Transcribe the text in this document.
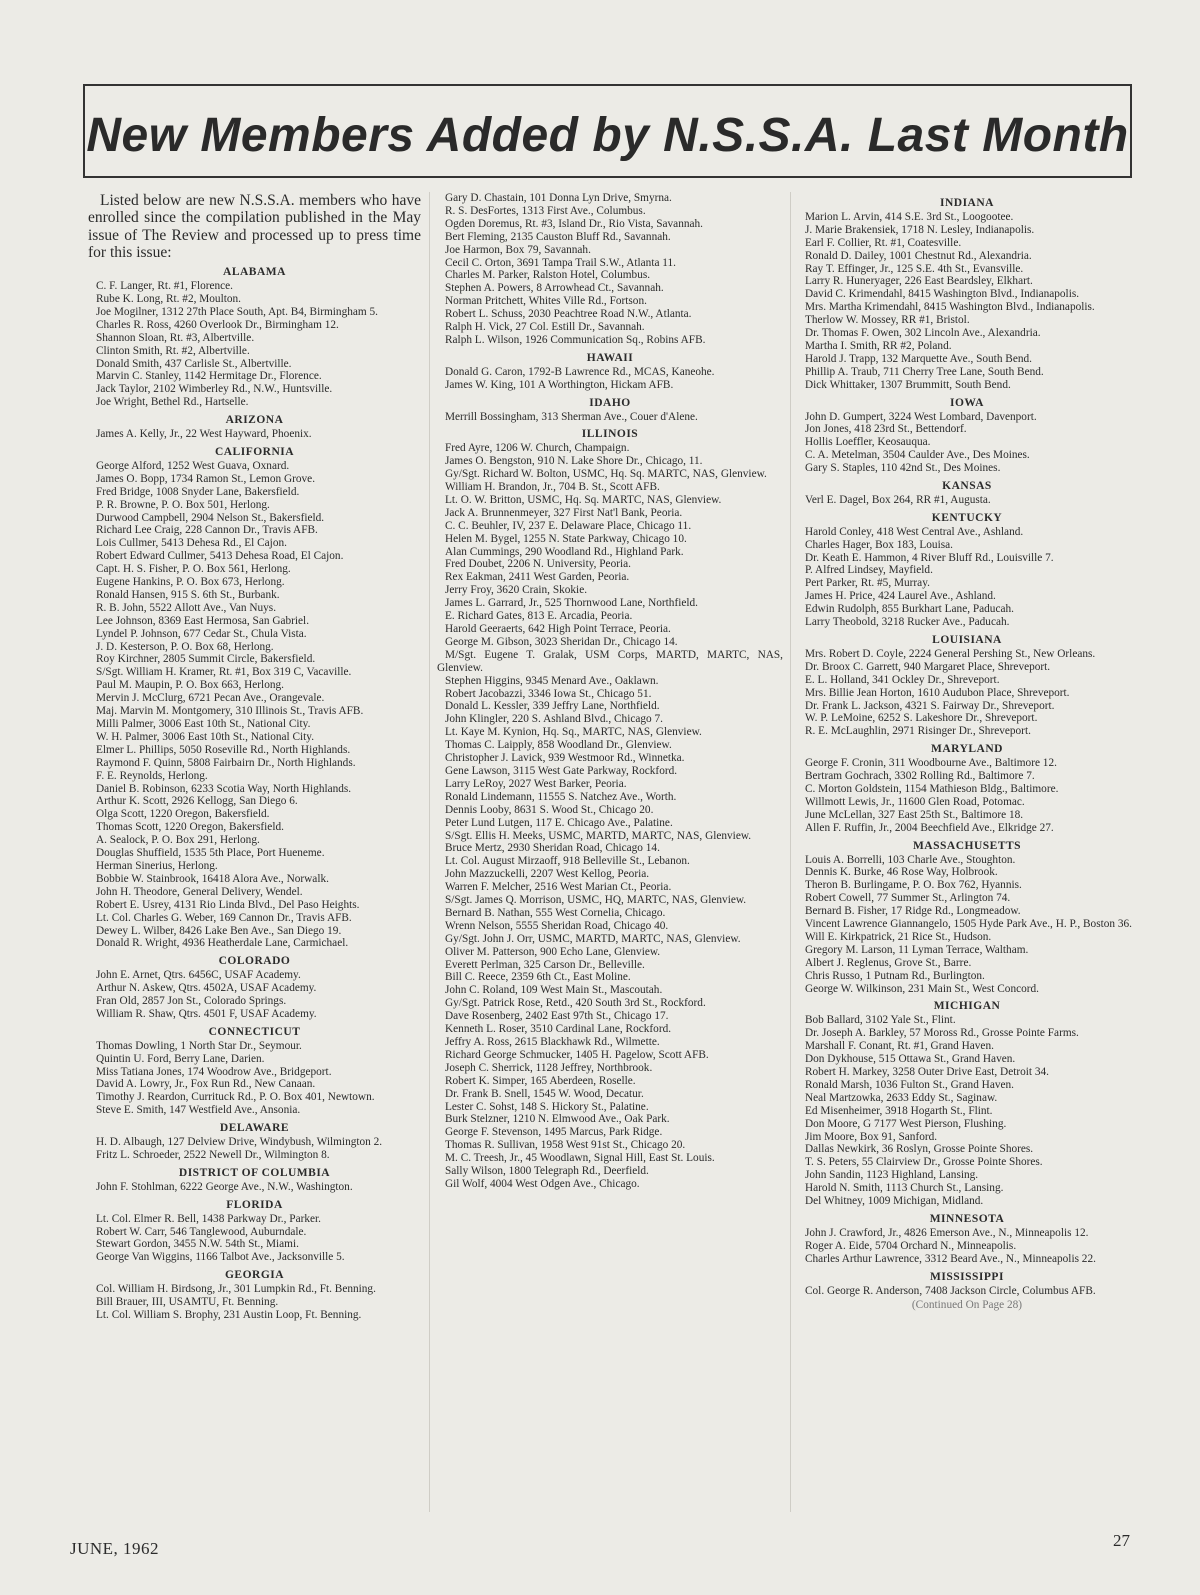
New Members Added by N.S.S.A. Last Month

Listed below are new N.S.S.A. members who have enrolled since the compilation published in the May issue of The Review and processed up to press time for this issue:

ALABAMA

C. F. Langer, Rt. #1, Florence.

Rube K. Long, Rt. #2, Moulton.

Joe Mogilner, 1312 27th Place South, Apt. B4, Birmingham 5.

Charles R. Ross, 4260 Overlook Dr., Birmingham 12.

Shannon Sloan, Rt. #3, Albertville.

Clinton Smith, Rt. #2, Albertville.

Donald Smith, 437 Carlisle St., Albertville.

Marvin C. Stanley, 1142 Hermitage Dr., Florence.

Jack Taylor, 2102 Wimberley Rd., N.W., Huntsville.

Joe Wright, Bethel Rd., Hartselle.

ARIZONA

James A. Kelly, Jr., 22 West Hayward, Phoenix.

CALIFORNIA

George Alford, 1252 West Guava, Oxnard.

James O. Bopp, 1734 Ramon St., Lemon Grove.

Fred Bridge, 1008 Snyder Lane, Bakersfield.

P. R. Browne, P. O. Box 501, Herlong.

Durwood Campbell, 2904 Nelson St., Bakersfield.

Richard Lee Craig, 228 Cannon Dr., Travis AFB.

Lois Cullmer, 5413 Dehesa Rd., El Cajon.

Robert Edward Cullmer, 5413 Dehesa Road, El Cajon.

Capt. H. S. Fisher, P. O. Box 561, Herlong.

Eugene Hankins, P. O. Box 673, Herlong.

Ronald Hansen, 915 S. 6th St., Burbank.

R. B. John, 5522 Allott Ave., Van Nuys.

Lee Johnson, 8369 East Hermosa, San Gabriel.

Lyndel P. Johnson, 677 Cedar St., Chula Vista.

J. D. Kesterson, P. O. Box 68, Herlong.

Roy Kirchner, 2805 Summit Circle, Bakersfield.

S/Sgt. William H. Kramer, Rt. #1, Box 319 C, Vacaville.

Paul M. Maupin, P. O. Box 663, Herlong.

Mervin J. McClurg, 6721 Pecan Ave., Orangevale.

Maj. Marvin M. Montgomery, 310 Illinois St., Travis AFB.

Milli Palmer, 3006 East 10th St., National City.

W. H. Palmer, 3006 East 10th St., National City.

Elmer L. Phillips, 5050 Roseville Rd., North Highlands.

Raymond F. Quinn, 5808 Fairbairn Dr., North Highlands.

F. E. Reynolds, Herlong.

Daniel B. Robinson, 6233 Scotia Way, North Highlands.

Arthur K. Scott, 2926 Kellogg, San Diego 6.

Olga Scott, 1220 Oregon, Bakersfield.

Thomas Scott, 1220 Oregon, Bakersfield.

A. Sealock, P. O. Box 291, Herlong.

Douglas Shuffield, 1535 5th Place, Port Hueneme.

Herman Sinerius, Herlong.

Bobbie W. Stainbrook, 16418 Alora Ave., Norwalk.

John H. Theodore, General Delivery, Wendel.

Robert E. Usrey, 4131 Rio Linda Blvd., Del Paso Heights.

Lt. Col. Charles G. Weber, 169 Cannon Dr., Travis AFB.

Dewey L. Wilber, 8426 Lake Ben Ave., San Diego 19.

Donald R. Wright, 4936 Heatherdale Lane, Carmichael.

COLORADO

John E. Arnet, Qtrs. 6456C, USAF Academy.

Arthur N. Askew, Qtrs. 4502A, USAF Academy.

Fran Old, 2857 Jon St., Colorado Springs.

William R. Shaw, Qtrs. 4501 F, USAF Academy.

CONNECTICUT

Thomas Dowling, 1 North Star Dr., Seymour.

Quintin U. Ford, Berry Lane, Darien.

Miss Tatiana Jones, 174 Woodrow Ave., Bridgeport.

David A. Lowry, Jr., Fox Run Rd., New Canaan.

Timothy J. Reardon, Currituck Rd., P. O. Box 401, Newtown.

Steve E. Smith, 147 Westfield Ave., Ansonia.

DELAWARE

H. D. Albaugh, 127 Delview Drive, Windybush, Wilmington 2.

Fritz L. Schroeder, 2522 Newell Dr., Wilmington 8.

DISTRICT OF COLUMBIA

John F. Stohlman, 6222 George Ave., N.W., Washington.

FLORIDA

Lt. Col. Elmer R. Bell, 1438 Parkway Dr., Parker.

Robert W. Carr, 546 Tanglewood, Auburndale.

Stewart Gordon, 3455 N.W. 54th St., Miami.

George Van Wiggins, 1166 Talbot Ave., Jacksonville 5.

GEORGIA

Col. William H. Birdsong, Jr., 301 Lumpkin Rd., Ft. Benning.

Bill Brauer, III, USAMTU, Ft. Benning.

Lt. Col. William S. Brophy, 231 Austin Loop, Ft. Benning.

Gary D. Chastain, 101 Donna Lyn Drive, Smyrna.

R. S. DesFortes, 1313 First Ave., Columbus.

Ogden Doremus, Rt. #3, Island Dr., Rio Vista, Savannah.

Bert Fleming, 2135 Causton Bluff Rd., Savannah.

Joe Harmon, Box 79, Savannah.

Cecil C. Orton, 3691 Tampa Trail S.W., Atlanta 11.

Charles M. Parker, Ralston Hotel, Columbus.

Stephen A. Powers, 8 Arrowhead Ct., Savannah.

Norman Pritchett, Whites Ville Rd., Fortson.

Robert L. Schuss, 2030 Peachtree Road N.W., Atlanta.

Ralph H. Vick, 27 Col. Estill Dr., Savannah.

Ralph L. Wilson, 1926 Communication Sq., Robins AFB.

HAWAII

Donald G. Caron, 1792-B Lawrence Rd., MCAS, Kaneohe.

James W. King, 101 A Worthington, Hickam AFB.

IDAHO

Merrill Bossingham, 313 Sherman Ave., Couer d'Alene.

ILLINOIS

Fred Ayre, 1206 W. Church, Champaign.

James O. Bengston, 910 N. Lake Shore Dr., Chicago, 11.

Gy/Sgt. Richard W. Bolton, USMC, Hq. Sq. MARTC, NAS, Glenview.

William H. Brandon, Jr., 704 B. St., Scott AFB.

Lt. O. W. Britton, USMC, Hq. Sq. MARTC, NAS, Glenview.

Jack A. Brunnenmeyer, 327 First Nat'l Bank, Peoria.

C. C. Beuhler, IV, 237 E. Delaware Place, Chicago 11.

Helen M. Bygel, 1255 N. State Parkway, Chicago 10.

Alan Cummings, 290 Woodland Rd., Highland Park.

Fred Doubet, 2206 N. University, Peoria.

Rex Eakman, 2411 West Garden, Peoria.

Jerry Froy, 3620 Crain, Skokie.

James L. Garrard, Jr., 525 Thornwood Lane, Northfield.

E. Richard Gates, 813 E. Arcadia, Peoria.

Harold Geeraerts, 642 High Point Terrace, Peoria.

George M. Gibson, 3023 Sheridan Dr., Chicago 14.

M/Sgt. Eugene T. Gralak, USM Corps, MARTD, MARTC, NAS, Glenview.

Stephen Higgins, 9345 Menard Ave., Oaklawn.

Robert Jacobazzi, 3346 Iowa St., Chicago 51.

Donald L. Kessler, 339 Jeffry Lane, Northfield.

John Klingler, 220 S. Ashland Blvd., Chicago 7.

Lt. Kaye M. Kynion, Hq. Sq., MARTC, NAS, Glenview.

Thomas C. Laipply, 858 Woodland Dr., Glenview.

Christopher J. Lavick, 939 Westmoor Rd., Winnetka.

Gene Lawson, 3115 West Gate Parkway, Rockford.

Larry LeRoy, 2027 West Barker, Peoria.

Ronald Lindemann, 11555 S. Natchez Ave., Worth.

Dennis Looby, 8631 S. Wood St., Chicago 20.

Peter Lund Lutgen, 117 E. Chicago Ave., Palatine.

S/Sgt. Ellis H. Meeks, USMC, MARTD, MARTC, NAS, Glenview.

Bruce Mertz, 2930 Sheridan Road, Chicago 14.

Lt. Col. August Mirzaoff, 918 Belleville St., Lebanon.

John Mazzuckelli, 2207 West Kellog, Peoria.

Warren F. Melcher, 2516 West Marian Ct., Peoria.

S/Sgt. James Q. Morrison, USMC, HQ, MARTC, NAS, Glenview.

Bernard B. Nathan, 555 West Cornelia, Chicago.

Wrenn Nelson, 5555 Sheridan Road, Chicago 40.

Gy/Sgt. John J. Orr, USMC, MARTD, MARTC, NAS, Glenview.

Oliver M. Patterson, 900 Echo Lane, Glenview.

Everett Perlman, 325 Carson Dr., Belleville.

Bill C. Reece, 2359 6th Ct., East Moline.

John C. Roland, 109 West Main St., Mascoutah.

Gy/Sgt. Patrick Rose, Retd., 420 South 3rd St., Rockford.

Dave Rosenberg, 2402 East 97th St., Chicago 17.

Kenneth L. Roser, 3510 Cardinal Lane, Rockford.

Jeffry A. Ross, 2615 Blackhawk Rd., Wilmette.

Richard George Schmucker, 1405 H. Pagelow, Scott AFB.

Joseph C. Sherrick, 1128 Jeffrey, Northbrook.

Robert K. Simper, 165 Aberdeen, Roselle.

Dr. Frank B. Snell, 1545 W. Wood, Decatur.

Lester C. Sohst, 148 S. Hickory St., Palatine.

Burk Stelzner, 1210 N. Elmwood Ave., Oak Park.

George F. Stevenson, 1495 Marcus, Park Ridge.

Thomas R. Sullivan, 1958 West 91st St., Chicago 20.

M. C. Treesh, Jr., 45 Woodlawn, Signal Hill, East St. Louis.

Sally Wilson, 1800 Telegraph Rd., Deerfield.

Gil Wolf, 4004 West Odgen Ave., Chicago.

INDIANA

Marion L. Arvin, 414 S.E. 3rd St., Loogootee.

J. Marie Brakensiek, 1718 N. Lesley, Indianapolis.

Earl F. Collier, Rt. #1, Coatesville.

Ronald D. Dailey, 1001 Chestnut Rd., Alexandria.

Ray T. Effinger, Jr., 125 S.E. 4th St., Evansville.

Larry R. Huneryager, 226 East Beardsley, Elkhart.

David C. Krimendahl, 8415 Washington Blvd., Indianapolis.

Mrs. Martha Krimendahl, 8415 Washington Blvd., Indianapolis.

Therlow W. Mossey, RR #1, Bristol.

Dr. Thomas F. Owen, 302 Lincoln Ave., Alexandria.

Martha I. Smith, RR #2, Poland.

Harold J. Trapp, 132 Marquette Ave., South Bend.

Phillip A. Traub, 711 Cherry Tree Lane, South Bend.

Dick Whittaker, 1307 Brummitt, South Bend.

IOWA

John D. Gumpert, 3224 West Lombard, Davenport.

Jon Jones, 418 23rd St., Bettendorf.

Hollis Loeffler, Keosauqua.

C. A. Metelman, 3504 Caulder Ave., Des Moines.

Gary S. Staples, 110 42nd St., Des Moines.

KANSAS

Verl E. Dagel, Box 264, RR #1, Augusta.

KENTUCKY

Harold Conley, 418 West Central Ave., Ashland.

Charles Hager, Box 183, Louisa.

Dr. Keath E. Hammon, 4 River Bluff Rd., Louisville 7.

P. Alfred Lindsey, Mayfield.

Pert Parker, Rt. #5, Murray.

James H. Price, 424 Laurel Ave., Ashland.

Edwin Rudolph, 855 Burkhart Lane, Paducah.

Larry Theobold, 3218 Rucker Ave., Paducah.

LOUISIANA

Mrs. Robert D. Coyle, 2224 General Pershing St., New Orleans.

Dr. Broox C. Garrett, 940 Margaret Place, Shreveport.

E. L. Holland, 341 Ockley Dr., Shreveport.

Mrs. Billie Jean Horton, 1610 Audubon Place, Shreveport.

Dr. Frank L. Jackson, 4321 S. Fairway Dr., Shreveport.

W. P. LeMoine, 6252 S. Lakeshore Dr., Shreveport.

R. E. McLaughlin, 2971 Risinger Dr., Shreveport.

MARYLAND

George F. Cronin, 311 Woodbourne Ave., Baltimore 12.

Bertram Gochrach, 3302 Rolling Rd., Baltimore 7.

C. Morton Goldstein, 1154 Mathieson Bldg., Baltimore.

Willmott Lewis, Jr., 11600 Glen Road, Potomac.

June McLellan, 327 East 25th St., Baltimore 18.

Allen F. Ruffin, Jr., 2004 Beechfield Ave., Elkridge 27.

MASSACHUSETTS

Louis A. Borrelli, 103 Charle Ave., Stoughton.

Dennis K. Burke, 46 Rose Way, Holbrook.

Theron B. Burlingame, P. O. Box 762, Hyannis.

Robert Cowell, 77 Summer St., Arlington 74.

Bernard B. Fisher, 17 Ridge Rd., Longmeadow.

Vincent Lawrence Giannangelo, 1505 Hyde Park Ave., H. P., Boston 36.

Will E. Kirkpatrick, 21 Rice St., Hudson.

Gregory M. Larson, 11 Lyman Terrace, Waltham.

Albert J. Reglenus, Grove St., Barre.

Chris Russo, 1 Putnam Rd., Burlington.

George W. Wilkinson, 231 Main St., West Concord.

MICHIGAN

Bob Ballard, 3102 Yale St., Flint.

Dr. Joseph A. Barkley, 57 Moross Rd., Grosse Pointe Farms.

Marshall F. Conant, Rt. #1, Grand Haven.

Don Dykhouse, 515 Ottawa St., Grand Haven.

Robert H. Markey, 3258 Outer Drive East, Detroit 34.

Ronald Marsh, 1036 Fulton St., Grand Haven.

Neal Martzowka, 2633 Eddy St., Saginaw.

Ed Misenheimer, 3918 Hogarth St., Flint.

Don Moore, G 7177 West Pierson, Flushing.

Jim Moore, Box 91, Sanford.

Dallas Newkirk, 36 Roslyn, Grosse Pointe Shores.

T. S. Peters, 55 Clairview Dr., Grosse Pointe Shores.

John Sandin, 1123 Highland, Lansing.

Harold N. Smith, 1113 Church St., Lansing.

Del Whitney, 1009 Michigan, Midland.

MINNESOTA

John J. Crawford, Jr., 4826 Emerson Ave., N., Minneapolis 12.

Roger A. Eide, 5704 Orchard N., Minneapolis.

Charles Arthur Lawrence, 3312 Beard Ave., N., Minneapolis 22.

MISSISSIPPI

Col. George R. Anderson, 7408 Jackson Circle, Columbus AFB.

(Continued On Page 28)
JUNE, 1962	27
